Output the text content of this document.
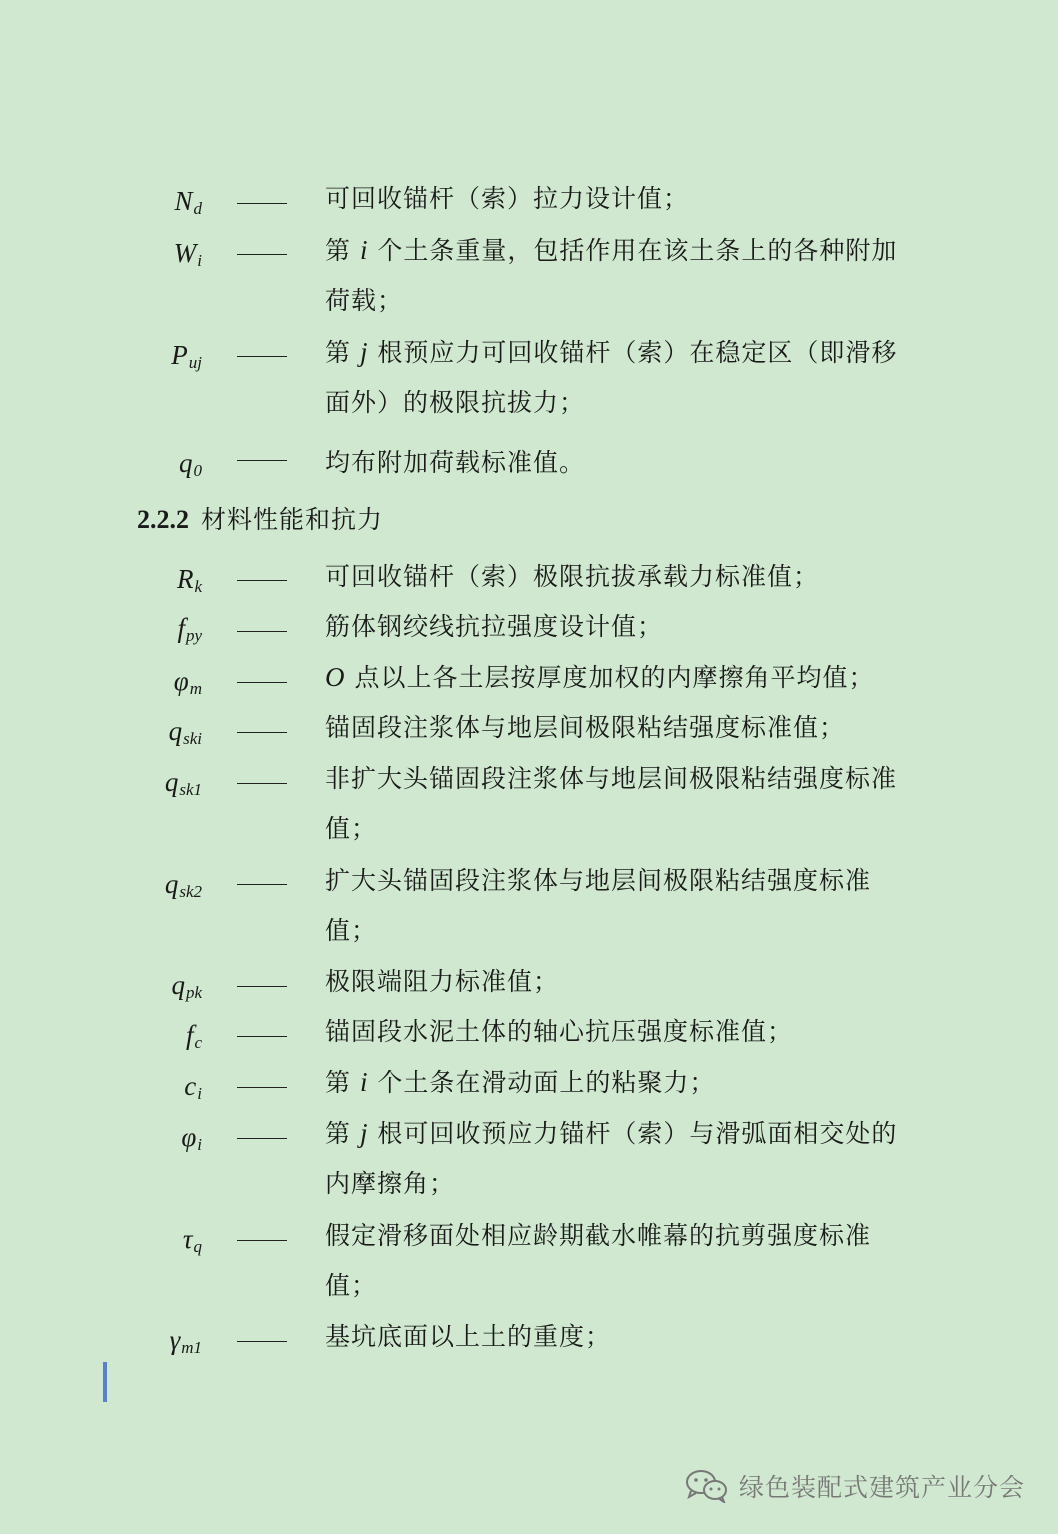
$N_d$	可回收锚杆（索）拉力设计值；
$W_i$	第 i 个土条重量，包括作用在该土条上的各种附加荷载；
$P_{uj}$	第 j 根预应力可回收锚杆（索）在稳定区（即滑移面外）的极限抗拔力；
$q_0$	均布附加荷载标准值。
2.2.2 材料性能和抗力
$R_k$	可回收锚杆（索）极限抗拔承载力标准值；
$f_{py}$	筋体钢绞线抗拉强度设计值；
$\varphi_m$	O 点以上各土层按厚度加权的内摩擦角平均值；
$q_{ski}$	锚固段注浆体与地层间极限粘结强度标准值；
$q_{sk1}$	非扩大头锚固段注浆体与地层间极限粘结强度标准值；
$q_{sk2}$	扩大头锚固段注浆体与地层间极限粘结强度标准值；
$q_{pk}$	极限端阻力标准值；
$f_c$	锚固段水泥土体的轴心抗压强度标准值；
$c_i$	第 i 个土条在滑动面上的粘聚力；
$\varphi_i$	第 j 根可回收预应力锚杆（索）与滑弧面相交处的内摩擦角；
$\tau_q$	假定滑移面处相应龄期截水帷幕的抗剪强度标准值；
$\gamma_{m1}$	基坑底面以上土的重度；
绿色装配式建筑产业分会
